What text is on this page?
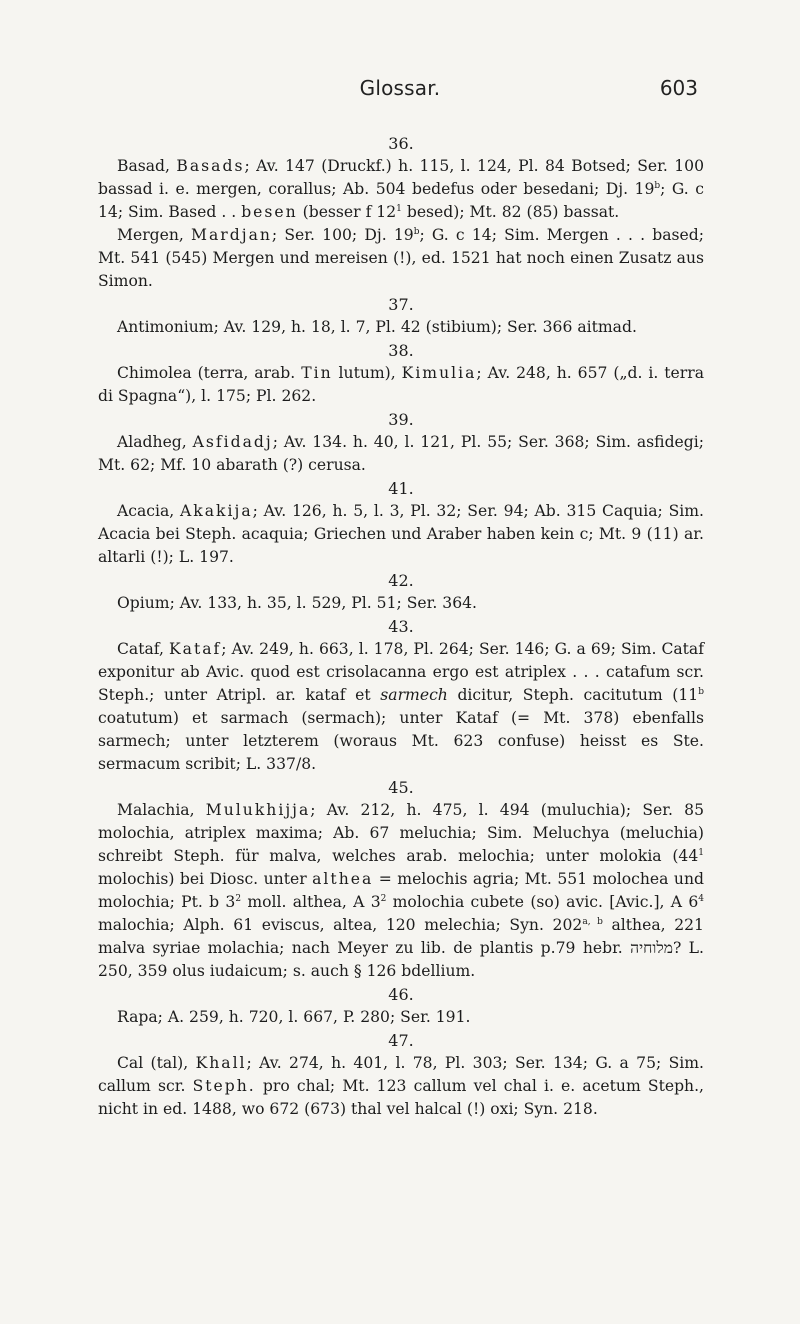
Glossar.	603
36.
Basad, Basads; Av. 147 (Druckf.) h. 115, l. 124, Pl. 84 Botsed; Ser. 100 bassad i. e. mergen, corallus; Ab. 504 bedefus oder besedani; Dj. 19$^b$; G. c 14; Sim. Based . . besen (besser f $12^1$ besed); Mt. 82 (85) bassat.
Mergen, Mardjan; Ser. 100; Dj. 19$^b$; G. c 14; Sim. Mergen . . . based; Mt. 541 (545) Mergen und mereisen (!), ed. 1521 hat noch einen Zusatz aus Simon.
37.
Antimonium; Av. 129, h. 18, l. 7, Pl. 42 (stibium); Ser. 366 aitmad.
38.
Chimolea (terra, arab. Tin lutum), Kimulia; Av. 248, h. 657 („d. i. terra di Spagna“), l. 175; Pl. 262.
39.
Aladheg, Asfidadj; Av. 134. h. 40, l. 121, Pl. 55; Ser. 368; Sim. asfidegi; Mt. 62; Mf. 10 abarath (?) cerusa.
41.
Acacia, Akakija; Av. 126, h. 5, l. 3, Pl. 32; Ser. 94; Ab. 315 Caquia; Sim. Acacia bei Steph. acaquia; Griechen und Araber haben kein c; Mt. 9 (11) ar. altarli (!); L. 197.
42.
Opium; Av. 133, h. 35, l. 529, Pl. 51; Ser. 364.
43.
Cataf, Kataf; Av. 249, h. 663, l. 178, Pl. 264; Ser. 146; G. a 69; Sim. Cataf exponitur ab Avic. quod est crisolacanna ergo est atriplex . . . catafum scr. Steph.; unter Atripl. ar. kataf et sarmech dicitur, Steph. cacitutum (11$^b$ coatutum) et sarmach (sermach); unter Kataf (= Mt. 378) ebenfalls sarmech; unter letzterem (woraus Mt. 623 confuse) heisst es Ste. sermacum scribit; L. 337/8.
45.
Malachia, Mulukhijja; Av. 212, h. 475, l. 494 (muluchia); Ser. 85 molochia, atriplex maxima; Ab. 67 meluchia; Sim. Meluchya (meluchia) schreibt Steph. für malva, welches arab. melochia; unter molokia ($44^1$ molochis) bei Diosc. unter althea = melochis agria; Mt. 551 molochea und molochia; Pt. b $3^2$ moll. althea, A $3^2$ molochia cubete (so) avic. [Avic.], A $6^4$ malochia; Alph. 61 eviscus, altea, 120 melechia; Syn. 202$^{a, b}$ althea, 221 malva syriae molachia; nach Meyer zu lib. de plantis p.79 hebr. מלוחיה? L. 250, 359 olus iudaicum; s. auch § 126 bdellium.
46.
Rapa; A. 259, h. 720, l. 667, P. 280; Ser. 191.
47.
Cal (tal), Khall; Av. 274, h. 401, l. 78, Pl. 303; Ser. 134; G. a 75; Sim. callum scr. Steph. pro chal; Mt. 123 callum vel chal i. e. acetum Steph., nicht in ed. 1488, wo 672 (673) thal vel halcal (!) oxi; Syn. 218.
